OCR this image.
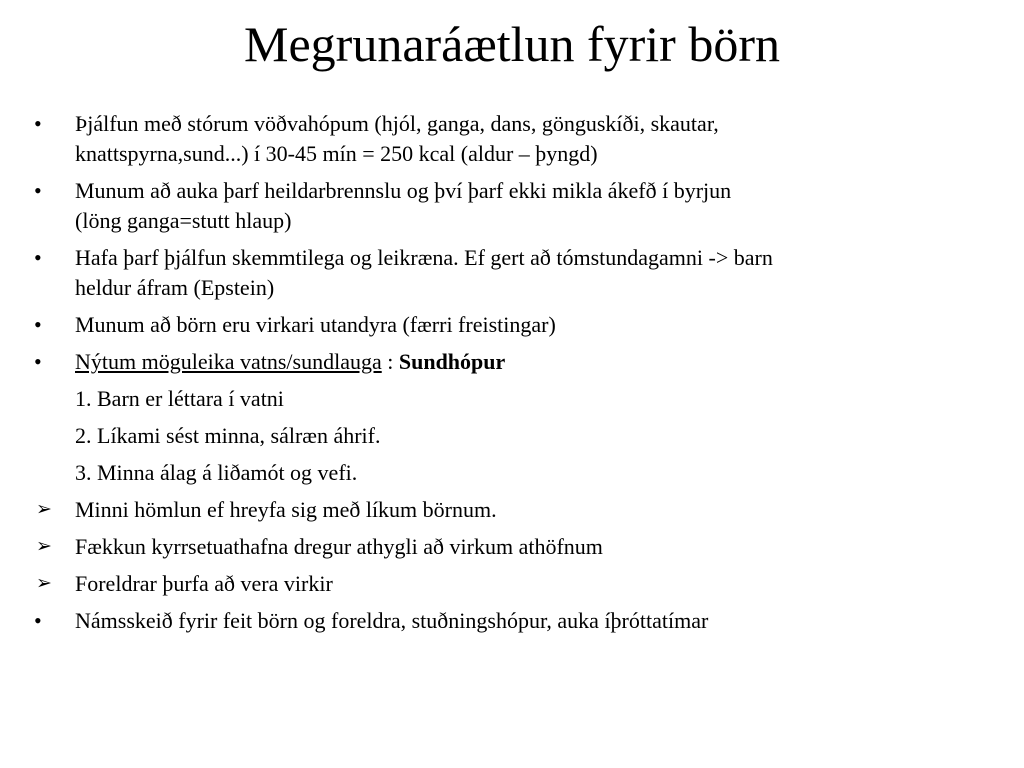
Megrunaráætlun fyrir börn
•	Þjálfun með stórum vöðvahópum (hjól, ganga, dans, gönguskíði, skautar,
knattspyrna,sund...) í 30-45 mín = 250 kcal (aldur – þyngd)
•	Munum að auka þarf heildarbrennslu og því þarf ekki mikla ákefð í byrjun
(löng ganga=stutt hlaup)
•	Hafa þarf þjálfun skemmtilega og leikræna. Ef gert að tómstundagamni -> barn
heldur áfram (Epstein)
•	Munum að börn eru virkari utandyra (færri freistingar)
•	Nýtum möguleika vatns/sundlauga : Sundhópur
1. Barn er léttara í vatni
2. Líkami sést minna, sálræn áhrif.
3. Minna álag á liðamót og vefi.
➢	Minni hömlun ef hreyfa sig með líkum börnum.
➢	Fækkun kyrrsetuathafna dregur athygli að virkum athöfnum
➢	Foreldrar þurfa að vera virkir
•	Námsskeið fyrir feit börn og foreldra, stuðningshópur, auka íþróttatímar
